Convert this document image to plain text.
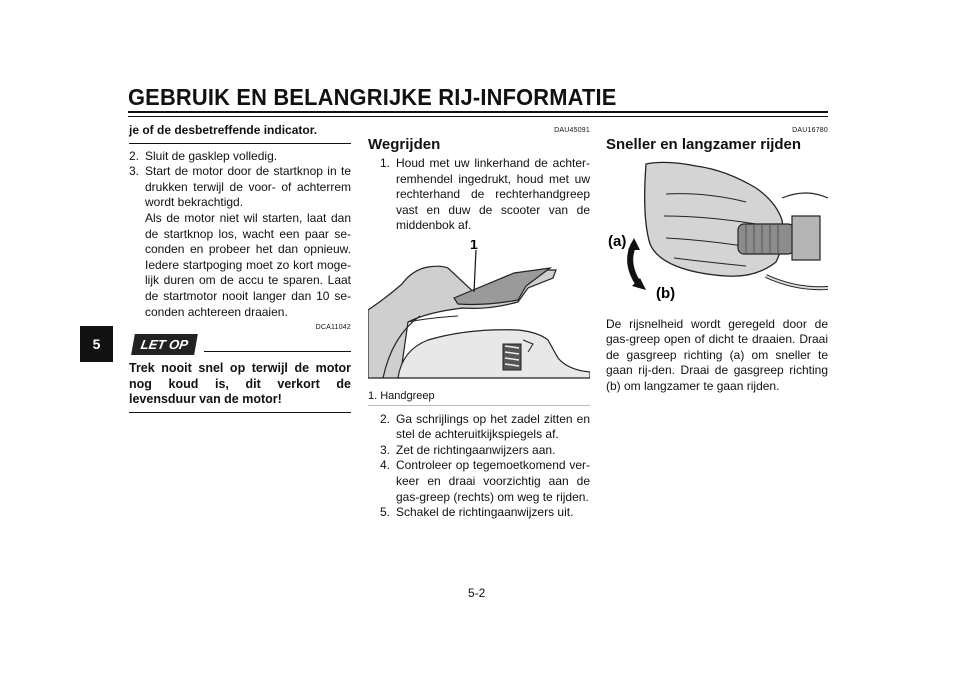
GEBRUIK EN BELANGRIJKE RIJ-INFORMATIE
5
je of de desbetreffende indicator.
2. Sluit de gasklep volledig.
3. Start de motor door de startknop in te drukken terwijl de voor- of achterrem wordt bekrachtigd.
Als de motor niet wil starten, laat dan de startknop los, wacht een paar se-conden en probeer het dan opnieuw. Iedere startpoging moet zo kort moge-lijk duren om de accu te sparen. Laat de startmotor nooit langer dan 10 se-conden achtereen draaien.
DCA11042
LET OP
Trek nooit snel op terwijl de motor nog koud is, dit verkort de levensduur van de motor!
DAU45091
Wegrijden
1. Houd met uw linkerhand de achter-remhendel ingedrukt, houd met uw rechterhand de rechterhandgreep vast en duw de scooter van de middenbok af.
1
1. Handgreep
2. Ga schrijlings op het zadel zitten en stel de achteruitkijkspiegels af.
3. Zet de richtingaanwijzers aan.
4. Controleer op tegemoetkomend ver-keer en draai voorzichtig aan de gas-greep (rechts) om weg te rijden.
5. Schakel de richtingaanwijzers uit.
DAU16780
Sneller en langzamer rijden
(a)
(b)
De rijsnelheid wordt geregeld door de gas-greep open of dicht te draaien. Draai de gasgreep richting (a) om sneller te gaan rij-den. Draai de gasgreep richting (b) om langzamer te gaan rijden.
5-2
